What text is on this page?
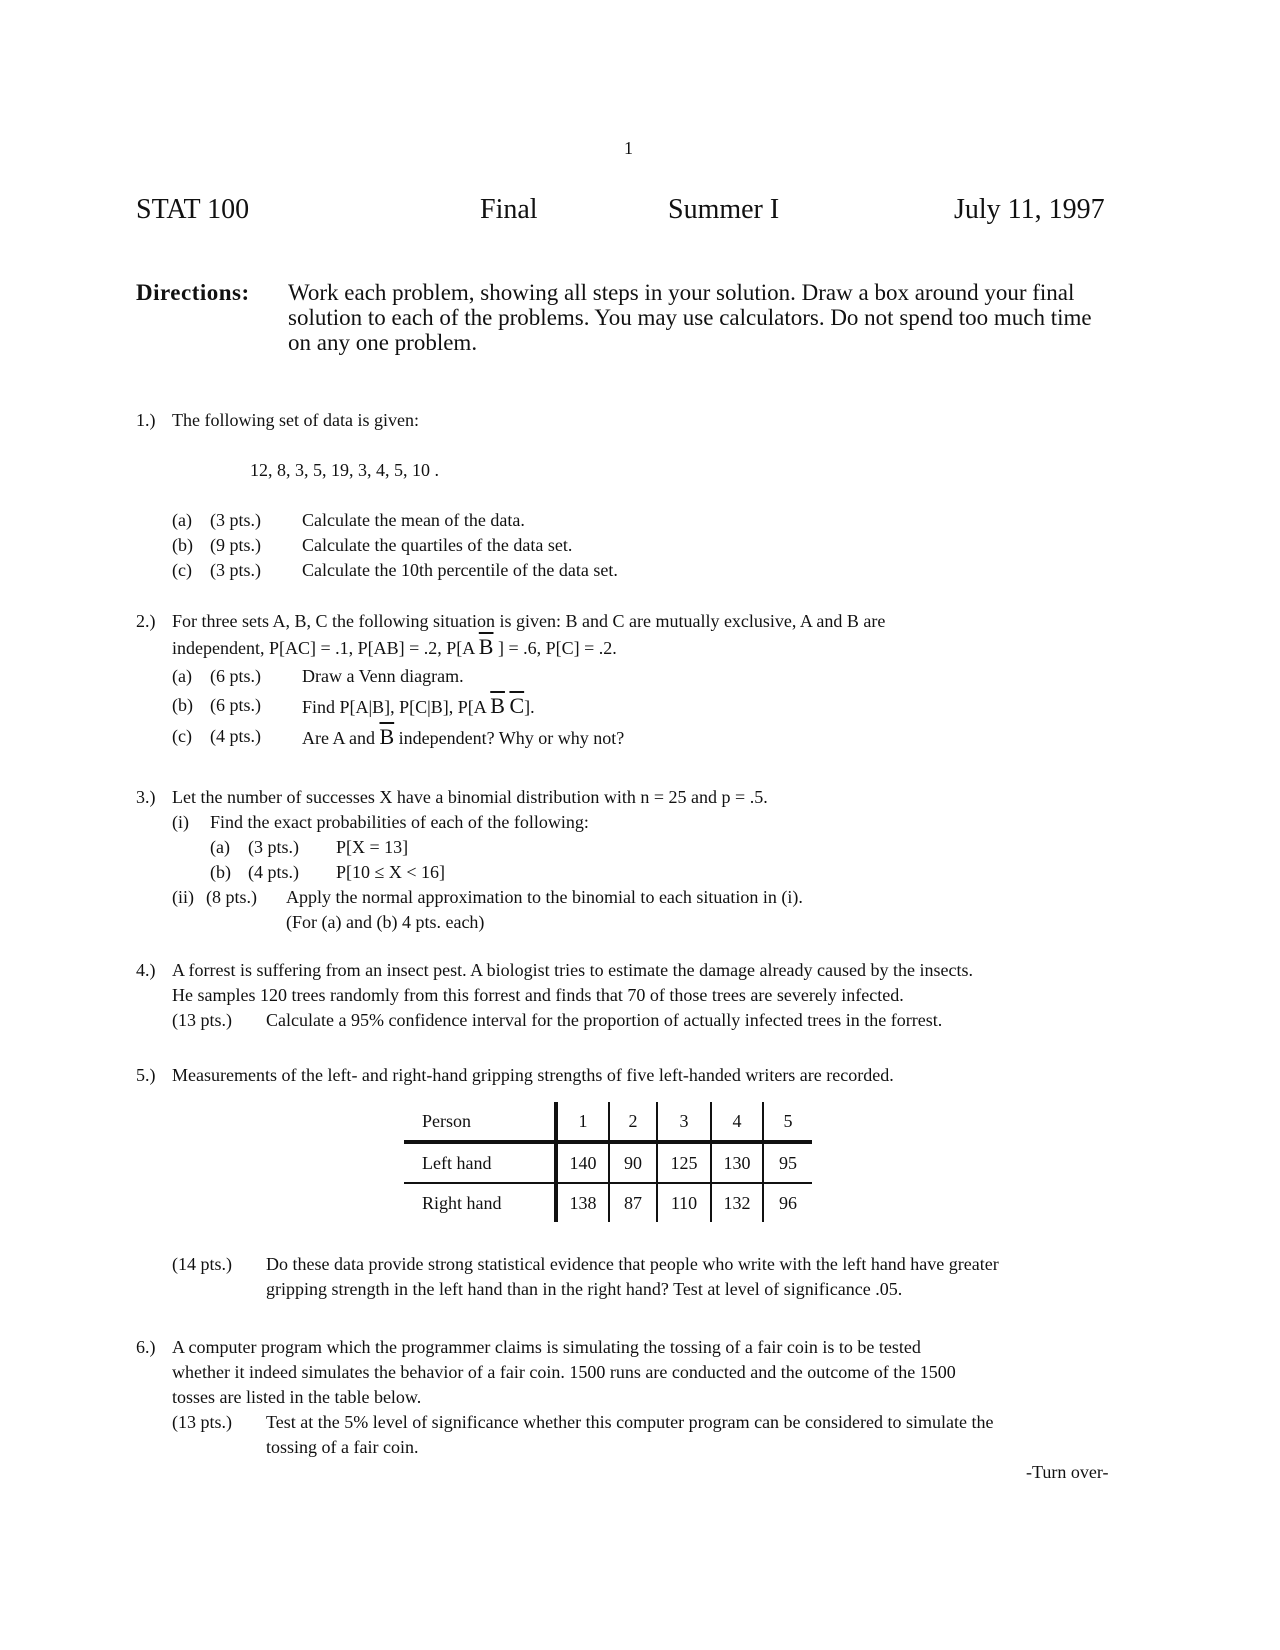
1
STAT 100	Final	Summer I	July 11, 1997
Directions: Work each problem, showing all steps in your solution. Draw a box around your final solution to each of the problems. You may use calculators. Do not spend too much time on any one problem.
1.) The following set of data is given:
12, 8, 3, 5, 19, 3, 4, 5, 10 .
(a) (3 pts.) Calculate the mean of the data.
(b) (9 pts.) Calculate the quartiles of the data set.
(c) (3 pts.) Calculate the 10th percentile of the data set.
2.) For three sets A, B, C the following situation is given: B and C are mutually exclusive, A and B are
independent, P[AC] = .1, P[AB] = .2, P[A $\overline{B}$ ] = .6, P[C] = .2.
(a) (6 pts.) Draw a Venn diagram.
(b) (6 pts.) Find P[A|B], P[C|B], P[A $\overline{B}$ $\overline{C}$].
(c) (4 pts.) Are A and $\overline{B}$ independent? Why or why not?
3.) Let the number of successes X have a binomial distribution with n = 25 and p = .5.
(i) Find the exact probabilities of each of the following:
(a) (3 pts.) P[X = 13]
(b) (4 pts.) P[10 ≤ X < 16]
(ii) (8 pts.) Apply the normal approximation to the binomial to each situation in (i).
(For (a) and (b) 4 pts. each)
4.) A forrest is suffering from an insect pest. A biologist tries to estimate the damage already caused by the insects.
He samples 120 trees randomly from this forrest and finds that 70 of those trees are severely infected.
(13 pts.) Calculate a 95% confidence interval for the proportion of actually infected trees in the forrest.
5.) Measurements of the left- and right-hand gripping strengths of five left-handed writers are recorded.
Person	1	2	3	4	5
Left hand	140	90	125	130	95
Right hand	138	87	110	132	96
(14 pts.) Do these data provide strong statistical evidence that people who write with the left hand have greater
gripping strength in the left hand than in the right hand? Test at level of significance .05.
6.) A computer program which the programmer claims is simulating the tossing of a fair coin is to be tested
whether it indeed simulates the behavior of a fair coin. 1500 runs are conducted and the outcome of the 1500
tosses are listed in the table below.
(13 pts.) Test at the 5% level of significance whether this computer program can be considered to simulate the
tossing of a fair coin.
-Turn over-
